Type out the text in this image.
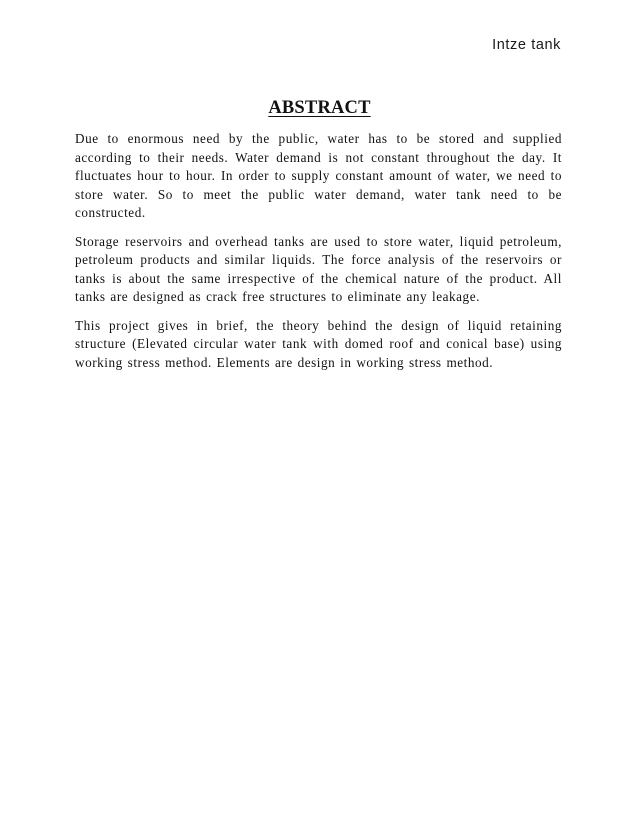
Intze tank
ABSTRACT

Due to enormous need by the public, water has to be stored and supplied according to their needs. Water demand is not constant throughout the day. It fluctuates hour to hour. In order to supply constant amount of water, we need to store water. So to meet the public water demand, water tank need to be constructed.

Storage reservoirs and overhead tanks are used to store water, liquid petroleum, petroleum products and similar liquids. The force analysis of the reservoirs or tanks is about the same irrespective of the chemical nature of the product. All tanks are designed as crack free structures to eliminate any leakage.

This project gives in brief, the theory behind the design of liquid retaining structure (Elevated circular water tank with domed roof and conical base) using working stress method. Elements are design in working stress method.
